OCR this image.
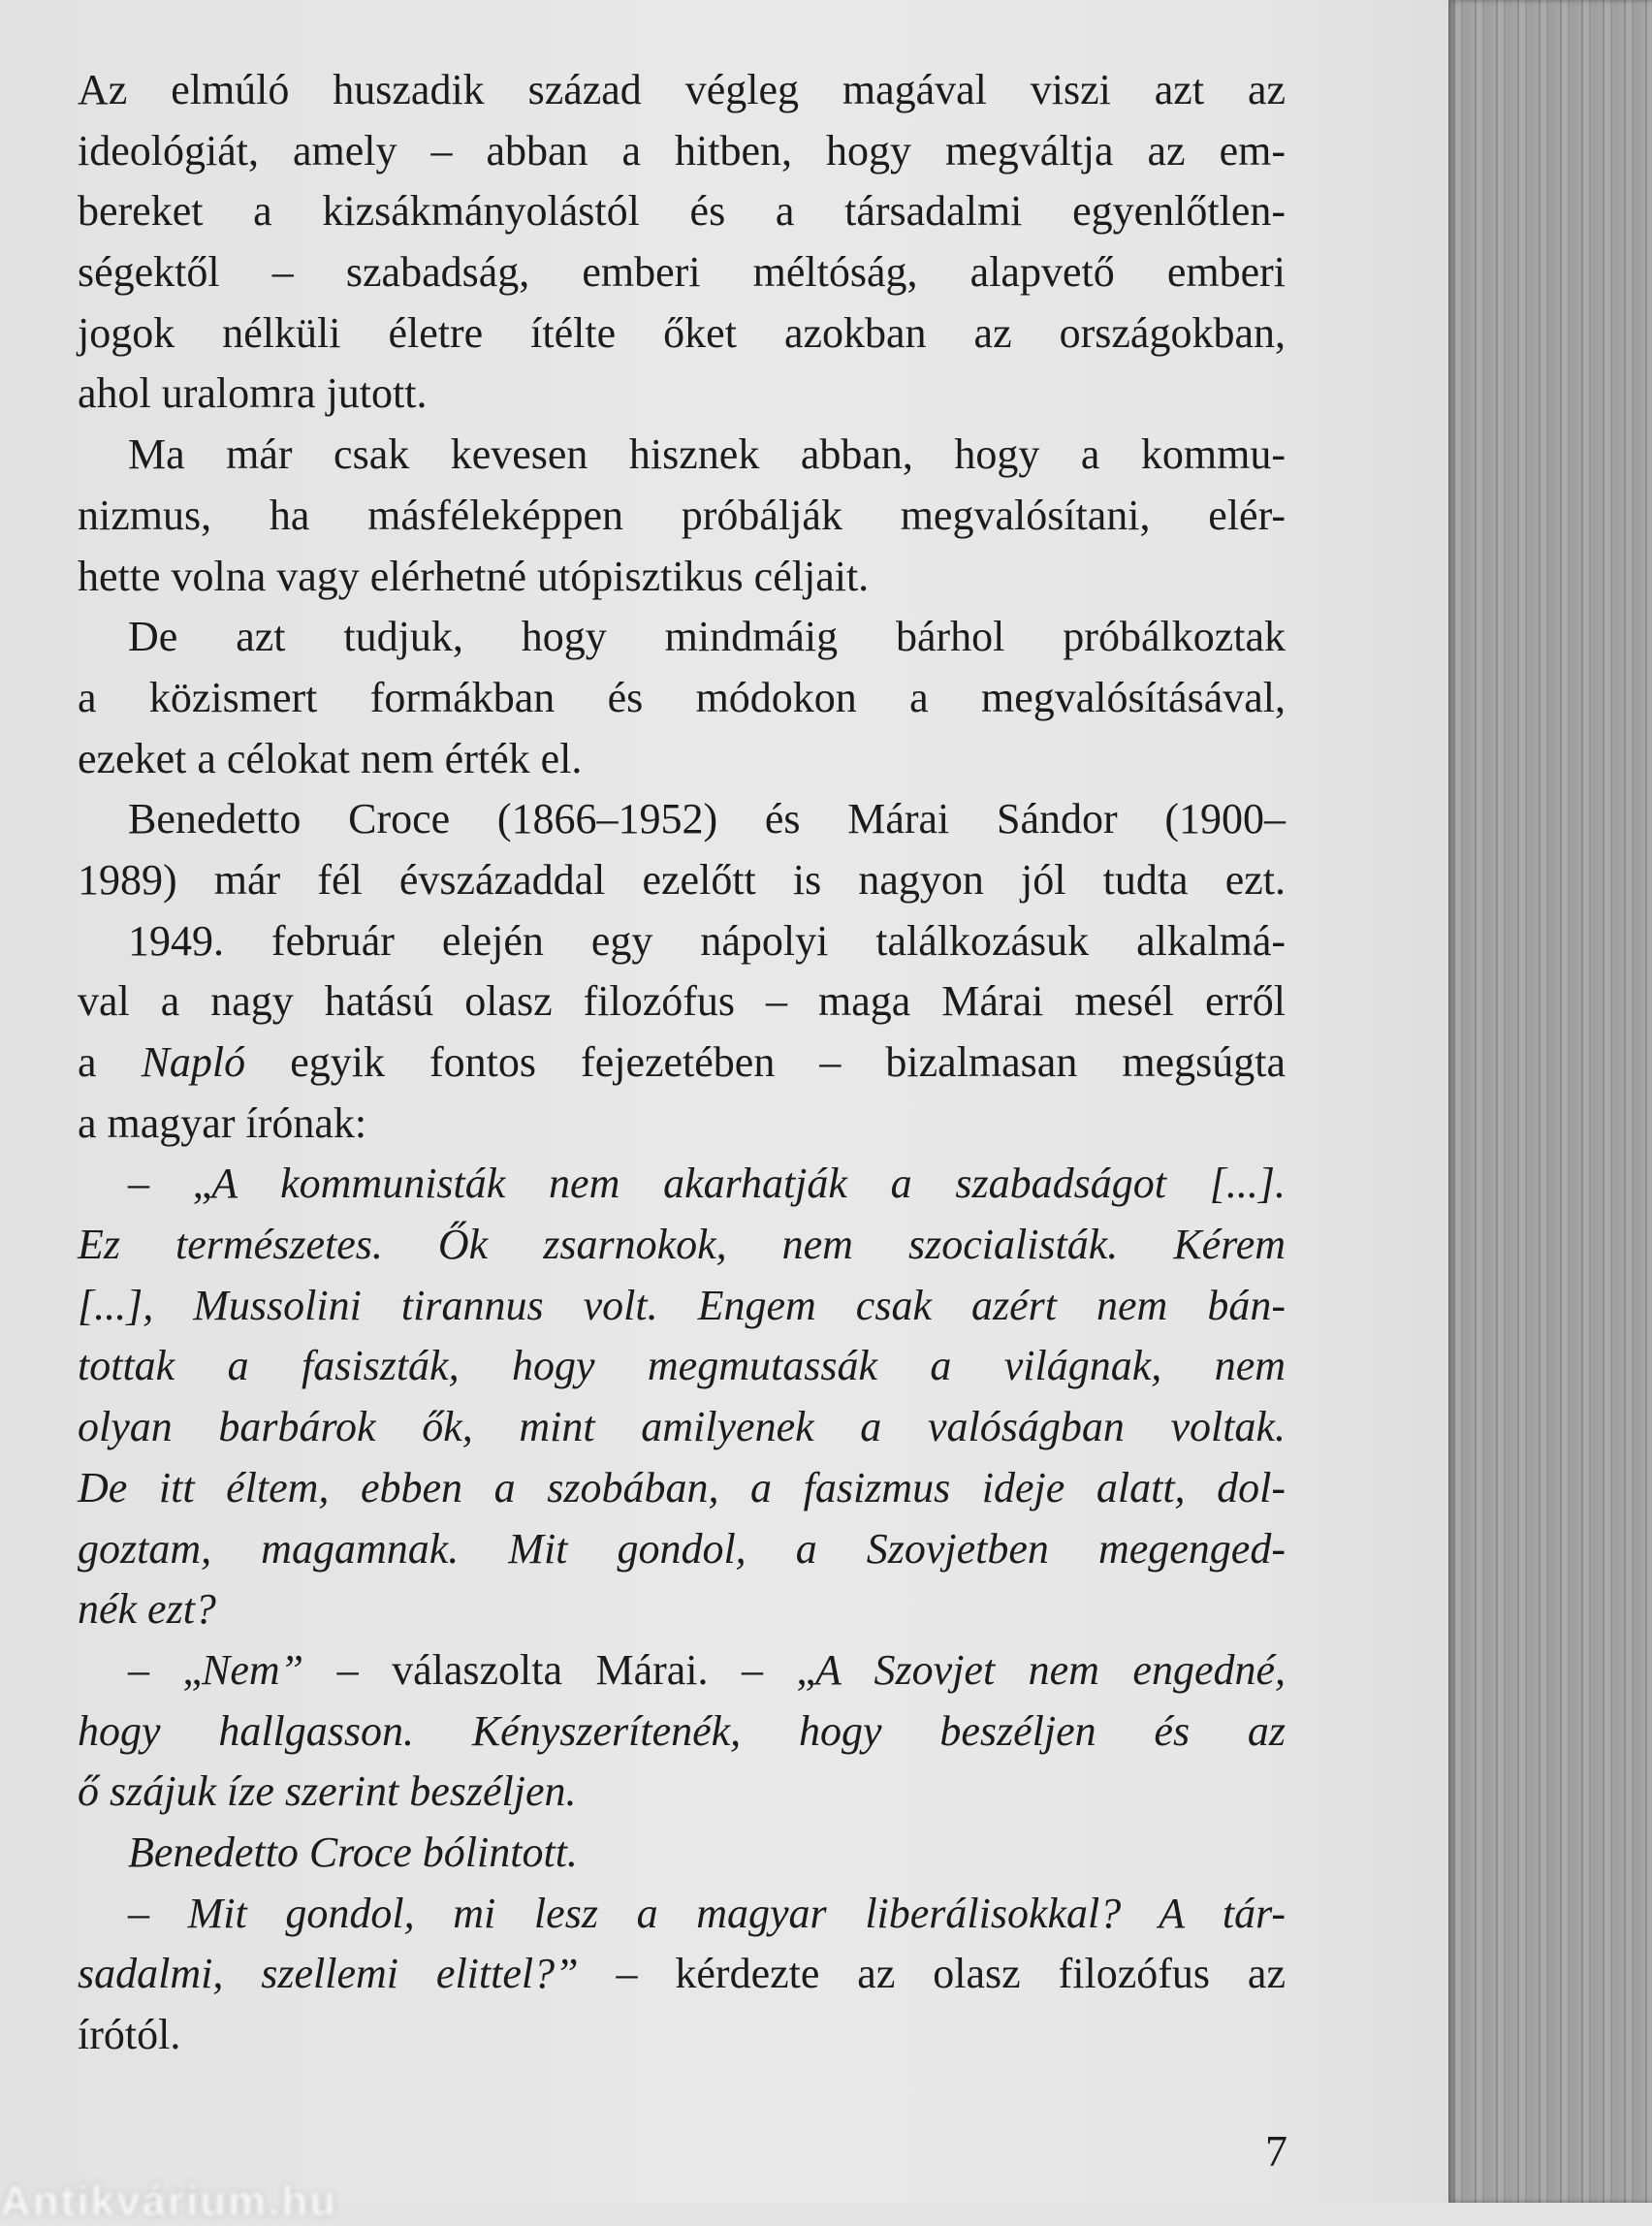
Az elmúló huszadik század végleg magával viszi azt az
ideológiát, amely – abban a hitben, hogy megváltja az em-
bereket a kizsákmányolástól és a társadalmi egyenlőtlen-
ségektől – szabadság, emberi méltóság, alapvető emberi
jogok nélküli életre ítélte őket azokban az országokban,
ahol uralomra jutott.
Ma már csak kevesen hisznek abban, hogy a kommu-
nizmus, ha másféleképpen próbálják megvalósítani, elér-
hette volna vagy elérhetné utópisztikus céljait.
De azt tudjuk, hogy mindmáig bárhol próbálkoztak
a közismert formákban és módokon a megvalósításával,
ezeket a célokat nem érték el.
Benedetto Croce (1866–1952) és Márai Sándor (1900–
1989) már fél évszázaddal ezelőtt is nagyon jól tudta ezt.
1949. február elején egy nápolyi találkozásuk alkalmá-
val a nagy hatású olasz filozófus – maga Márai mesél erről
a Napló egyik fontos fejezetében – bizalmasan megsúgta
a magyar írónak:
– „A kommunisták nem akarhatják a szabadságot [...].
Ez természetes. Ők zsarnokok, nem szocialisták. Kérem
[...], Mussolini tirannus volt. Engem csak azért nem bán-
tottak a fasiszták, hogy megmutassák a világnak, nem
olyan barbárok ők, mint amilyenek a valóságban voltak.
De itt éltem, ebben a szobában, a fasizmus ideje alatt, dol-
goztam, magamnak. Mit gondol, a Szovjetben megenged-
nék ezt?
– „Nem” – válaszolta Márai. – „A Szovjet nem engedné,
hogy hallgasson. Kényszerítenék, hogy beszéljen és az
ő szájuk íze szerint beszéljen.
Benedetto Croce bólintott.
– Mit gondol, mi lesz a magyar liberálisokkal? A tár-
sadalmi, szellemi elittel?” – kérdezte az olasz filozófus az
írótól.
7
Antikvárium.hu
